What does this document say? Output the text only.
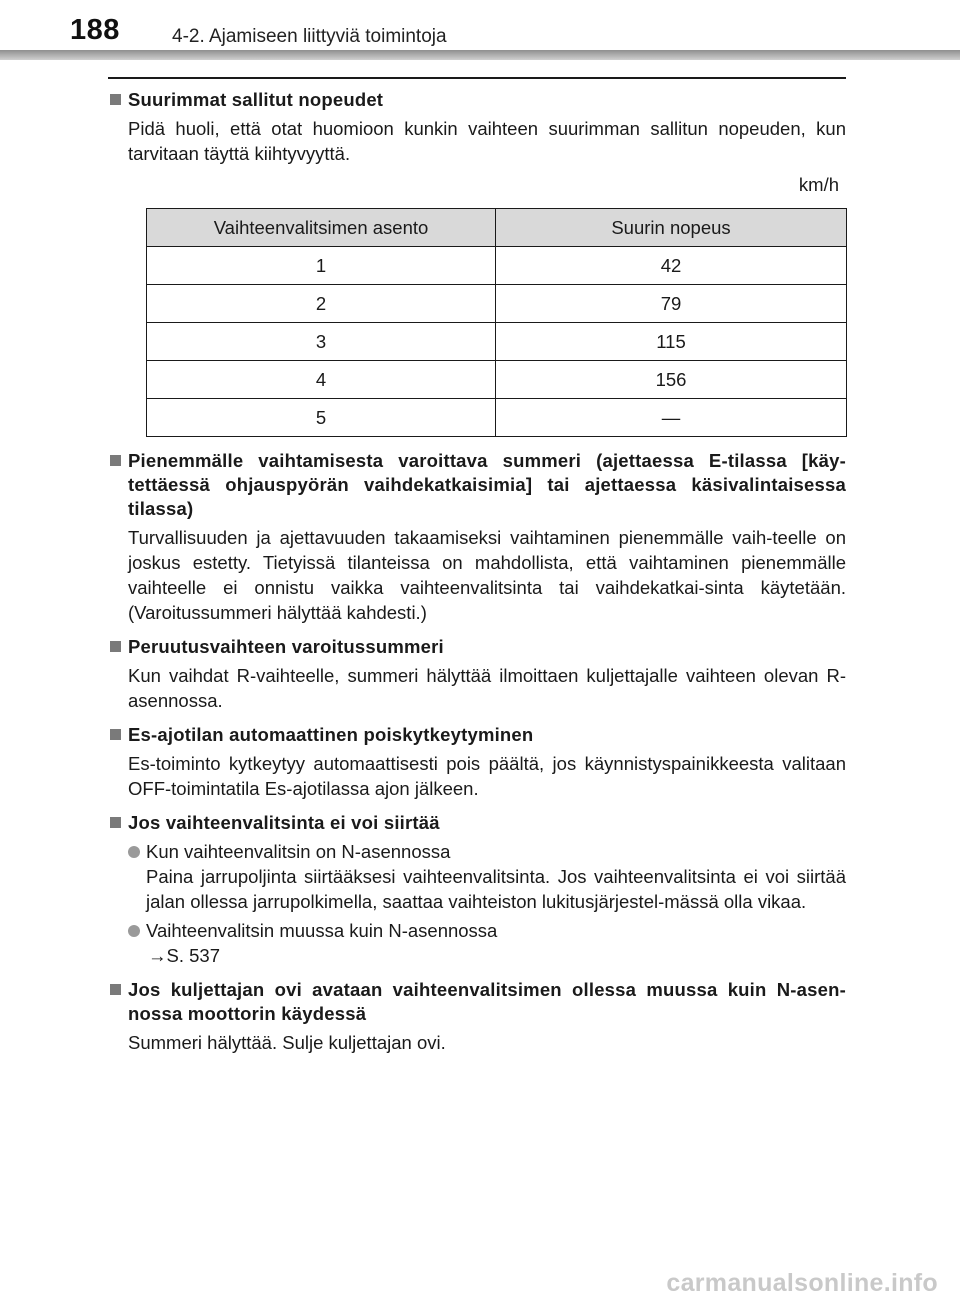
188	4-2. Ajamiseen liittyviä toimintoja
Suurimmat sallitut nopeudet
Pidä huoli, että otat huomioon kunkin vaihteen suurimman sallitun nopeuden, kun tarvitaan täyttä kiihtyvyyttä.
km/h
Vaihteenvalitsimen asento	Suurin nopeus
1	42
2	79
3	115
4	156
5	—
Pienemmälle vaihtamisesta varoittava summeri (ajettaessa E-tilassa [käy-tettäessä ohjauspyörän vaihdekatkaisimia] tai ajettaessa käsivalintaisessa tilassa)
Turvallisuuden ja ajettavuuden takaamiseksi vaihtaminen pienemmälle vaih-teelle on joskus estetty. Tietyissä tilanteissa on mahdollista, että vaihtaminen pienemmälle vaihteelle ei onnistu vaikka vaihteenvalitsinta tai vaihdekatkai-sinta käytetään. (Varoitussummeri hälyttää kahdesti.)
Peruutusvaihteen varoitussummeri
Kun vaihdat R-vaihteelle, summeri hälyttää ilmoittaen kuljettajalle vaihteen olevan R-asennossa.
Es-ajotilan automaattinen poiskytkeytyminen
Es-toiminto kytkeytyy automaattisesti pois päältä, jos käynnistyspainikkeesta valitaan OFF-toimintatila Es-ajotilassa ajon jälkeen.
Jos vaihteenvalitsinta ei voi siirtää
Kun vaihteenvalitsin on N-asennossa
Paina jarrupoljinta siirtääksesi vaihteenvalitsinta. Jos vaihteenvalitsinta ei voi siirtää jalan ollessa jarrupolkimella, saattaa vaihteiston lukitusjärjestel-mässä olla vikaa.
Vaihteenvalitsin muussa kuin N-asennossa
→S. 537
Jos kuljettajan ovi avataan vaihteenvalitsimen ollessa muussa kuin N-asen-nossa moottorin käydessä
Summeri hälyttää. Sulje kuljettajan ovi.
carmanualsonline.info
